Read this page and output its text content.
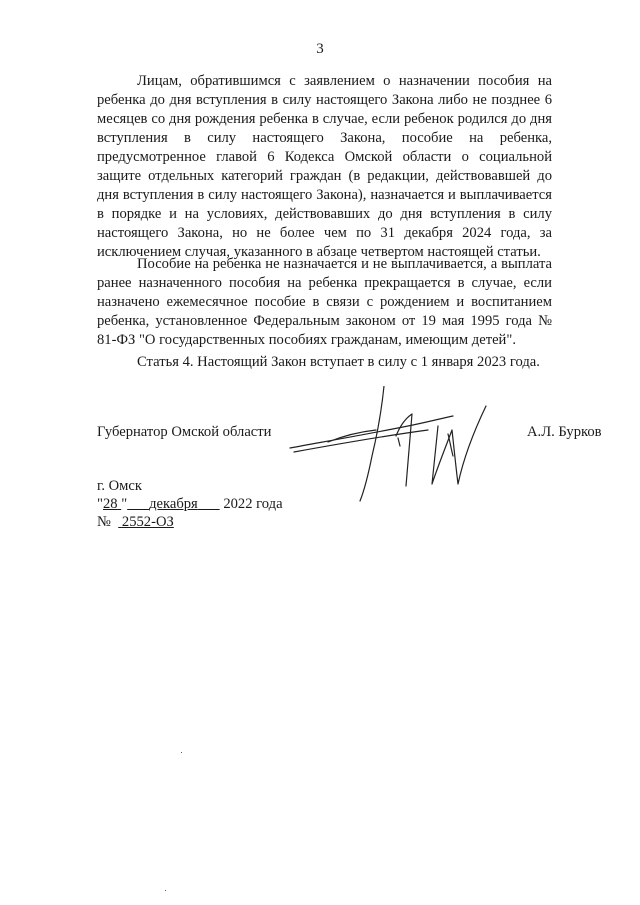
3

Лицам, обратившимся с заявлением о назначении пособия на ребенка до дня вступления в силу настоящего Закона либо не позднее 6 месяцев со дня рождения ребенка в случае, если ребенок родился до дня вступления в силу настоящего Закона, пособие на ребенка, предусмотренное главой 6 Кодекса Омской области о социальной защите отдельных категорий граждан (в редакции, действовавшей до дня вступления в силу настоящего Закона), назначается и выплачивается в порядке и на условиях, действовавших до дня вступления в силу настоящего Закона, но не более чем по 31 декабря 2024 года, за исключением случая, указанного в абзаце четвертом настоящей статьи.

Пособие на ребенка не назначается и не выплачивается, а выплата ранее назначенного пособия на ребенка прекращается в случае, если назначено ежемесячное пособие в связи с рождением и воспитанием ребенка, установленное Федеральным законом от 19 мая 1995 года № 81-ФЗ "О государственных пособиях гражданам, имеющим детей".

Статья 4. Настоящий Закон вступает в силу с 1 января 2023 года.
Губернатор Омской области	А.Л. Бурков
г. Омск
"28 " декабря 2022 года
№ 2552-ОЗ
